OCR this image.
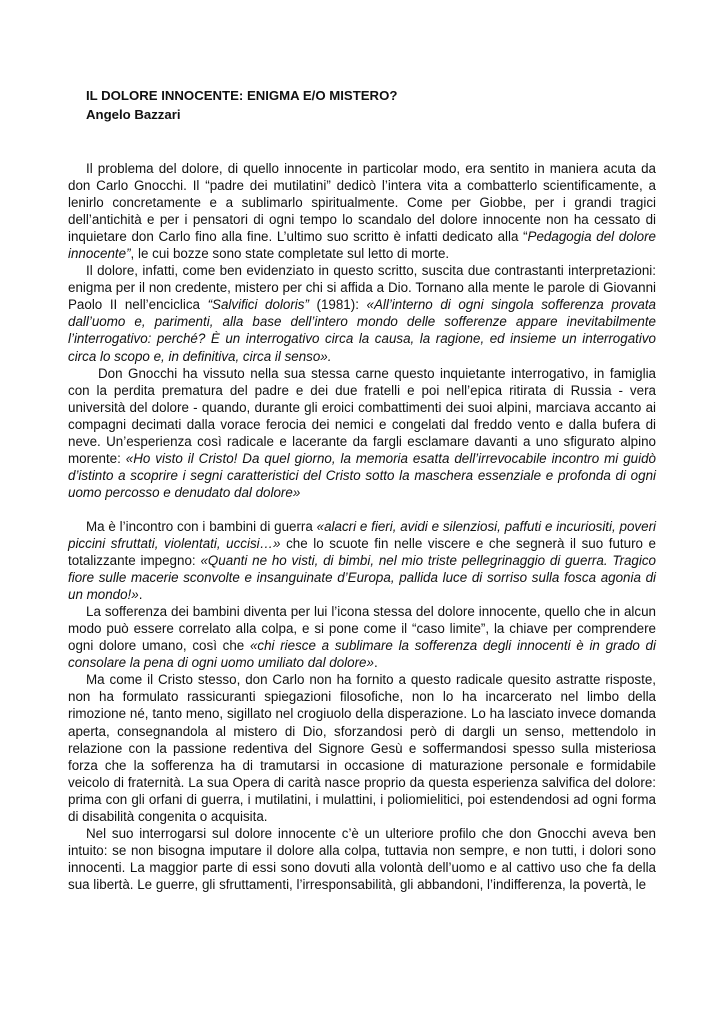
IL DOLORE INNOCENTE: ENIGMA E/O MISTERO?
Angelo Bazzari

Il problema del dolore, di quello innocente in particolar modo, era sentito in maniera acuta da don Carlo Gnocchi. Il “padre dei mutilatini” dedicò l’intera vita a combatterlo scientificamente, a lenirlo concretamente e a sublimarlo spiritualmente. Come per Giobbe, per i grandi tragici dell’antichità e per i pensatori di ogni tempo lo scandalo del dolore innocente non ha cessato di inquietare don Carlo fino alla fine. L’ultimo suo scritto è infatti dedicato alla “Pedagogia del dolore innocente”, le cui bozze sono state completate sul letto di morte.

Il dolore, infatti, come ben evidenziato in questo scritto, suscita due contrastanti interpretazioni: enigma per il non credente, mistero per chi si affida a Dio. Tornano alla mente le parole di Giovanni Paolo II nell’enciclica “Salvifici doloris” (1981): «All’interno di ogni singola sofferenza provata dall’uomo e, parimenti, alla base dell’intero mondo delle sofferenze appare inevitabilmente l’interrogativo: perché? È un interrogativo circa la causa, la ragione, ed insieme un interrogativo circa lo scopo e, in definitiva, circa il senso».

Don Gnocchi ha vissuto nella sua stessa carne questo inquietante interrogativo, in famiglia con la perdita prematura del padre e dei due fratelli e poi nell’epica ritirata di Russia - vera università del dolore - quando, durante gli eroici combattimenti dei suoi alpini, marciava accanto ai compagni decimati dalla vorace ferocia dei nemici e congelati dal freddo vento e dalla bufera di neve. Un’esperienza così radicale e lacerante da fargli esclamare davanti a uno sfigurato alpino morente: «Ho visto il Cristo! Da quel giorno, la memoria esatta dell’irrevocabile incontro mi guidò d’istinto a scoprire i segni caratteristici del Cristo sotto la maschera essenziale e profonda di ogni uomo percosso e denudato dal dolore»

Ma è l’incontro con i bambini di guerra «alacri e fieri, avidi e silenziosi, paffuti e incuriositi, poveri piccini sfruttati, violentati, uccisi…» che lo scuote fin nelle viscere e che segnerà il suo futuro e totalizzante impegno: «Quanti ne ho visti, di bimbi, nel mio triste pellegrinaggio di guerra. Tragico fiore sulle macerie sconvolte e insanguinate d’Europa, pallida luce di sorriso sulla fosca agonia di un mondo!».

La sofferenza dei bambini diventa per lui l’icona stessa del dolore innocente, quello che in alcun modo può essere correlato alla colpa, e si pone come il “caso limite”, la chiave per comprendere ogni dolore umano, così che «chi riesce a sublimare la sofferenza degli innocenti è in grado di consolare la pena di ogni uomo umiliato dal dolore».

Ma come il Cristo stesso, don Carlo non ha fornito a questo radicale quesito astratte risposte, non ha formulato rassicuranti spiegazioni filosofiche, non lo ha incarcerato nel limbo della rimozione né, tanto meno, sigillato nel crogiuolo della disperazione. Lo ha lasciato invece domanda aperta, consegnandola al mistero di Dio, sforzandosi però di dargli un senso, mettendolo in relazione con la passione redentiva del Signore Gesù e soffermandosi spesso sulla misteriosa forza che la sofferenza ha di tramutarsi in occasione di maturazione personale e formidabile veicolo di fraternità. La sua Opera di carità nasce proprio da questa esperienza salvifica del dolore: prima con gli orfani di guerra, i mutilatini, i mulattini, i poliomielitici, poi estendendosi ad ogni forma di disabilità congenita o acquisita.

Nel suo interrogarsi sul dolore innocente c’è un ulteriore profilo che don Gnocchi aveva ben intuito: se non bisogna imputare il dolore alla colpa, tuttavia non sempre, e non tutti, i dolori sono innocenti. La maggior parte di essi sono dovuti alla volontà dell’uomo e al cattivo uso che fa della sua libertà. Le guerre, gli sfruttamenti, l’irresponsabilità, gli abbandoni, l’indifferenza, la povertà, le
